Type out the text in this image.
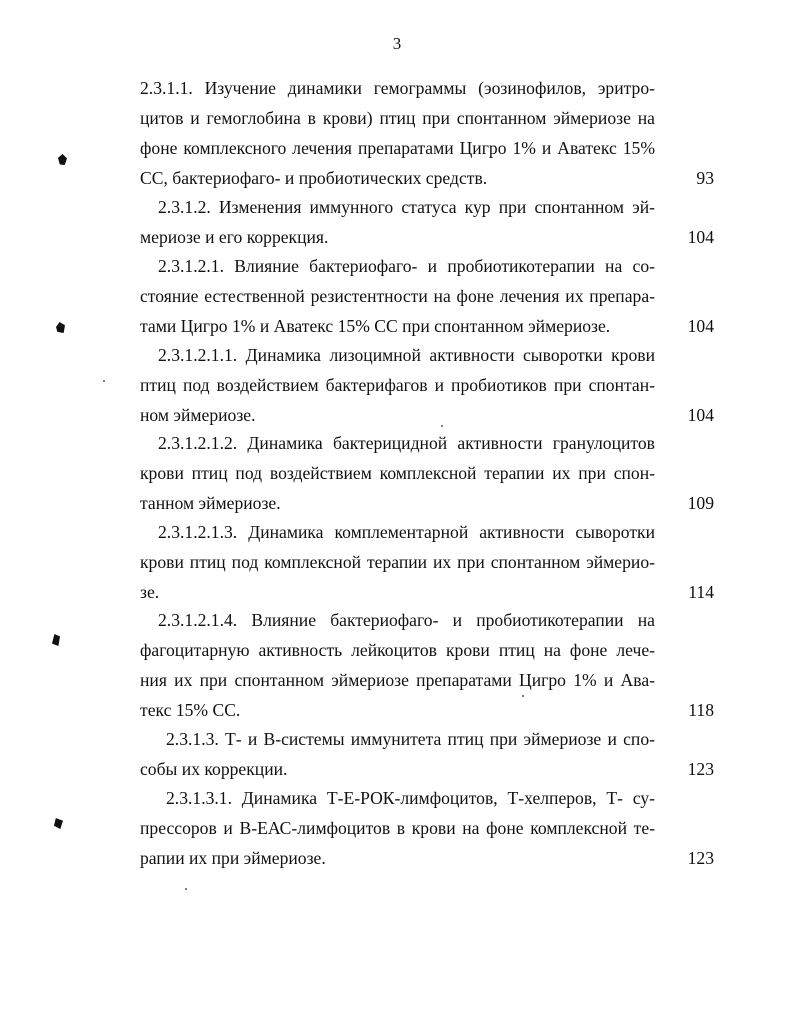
3
2.3.1.1. Изучение динамики гемограммы (эозинофилов, эритро-
цитов и гемоглобина в крови) птиц при спонтанном эймериозе на
фоне комплексного лечения препаратами Цигро 1% и Аватекс 15%
СС, бактериофаго- и пробиотических средств.	93
2.3.1.2. Изменения иммунного статуса кур при спонтанном эй-
мериозе и его коррекция.	104
2.3.1.2.1. Влияние бактериофаго- и пробиотикотерапии на со-
стояние естественной резистентности на фоне лечения их препара-
тами Цигро 1% и Аватекс 15% СС при спонтанном эймериозе.	104
2.3.1.2.1.1. Динамика лизоцимной активности сыворотки крови
птиц под воздействием бактерифагов и пробиотиков при спонтан-
ном эймериозе.	104
2.3.1.2.1.2. Динамика бактерицидной активности гранулоцитов
крови птиц под воздействием комплексной терапии их при спон-
танном эймериозе.	109
2.3.1.2.1.3. Динамика комплементарной активности сыворотки
крови птиц под комплексной терапии их при спонтанном эймерио-
зе.	114
2.3.1.2.1.4. Влияние бактериофаго- и пробиотикотерапии на
фагоцитарную активность лейкоцитов крови птиц на фоне лече-
ния их при спонтанном эймериозе препаратами Цигро 1% и Ава-
текс 15% СС.	118
2.3.1.3. Т- и В-системы иммунитета птиц при эймериозе и спо-
собы их коррекции.	123
2.3.1.3.1. Динамика Т-Е-РОК-лимфоцитов, Т-хелперов, Т- су-
прессоров и В-ЕАС-лимфоцитов в крови на фоне комплексной те-
рапии их при эймериозе.	123
